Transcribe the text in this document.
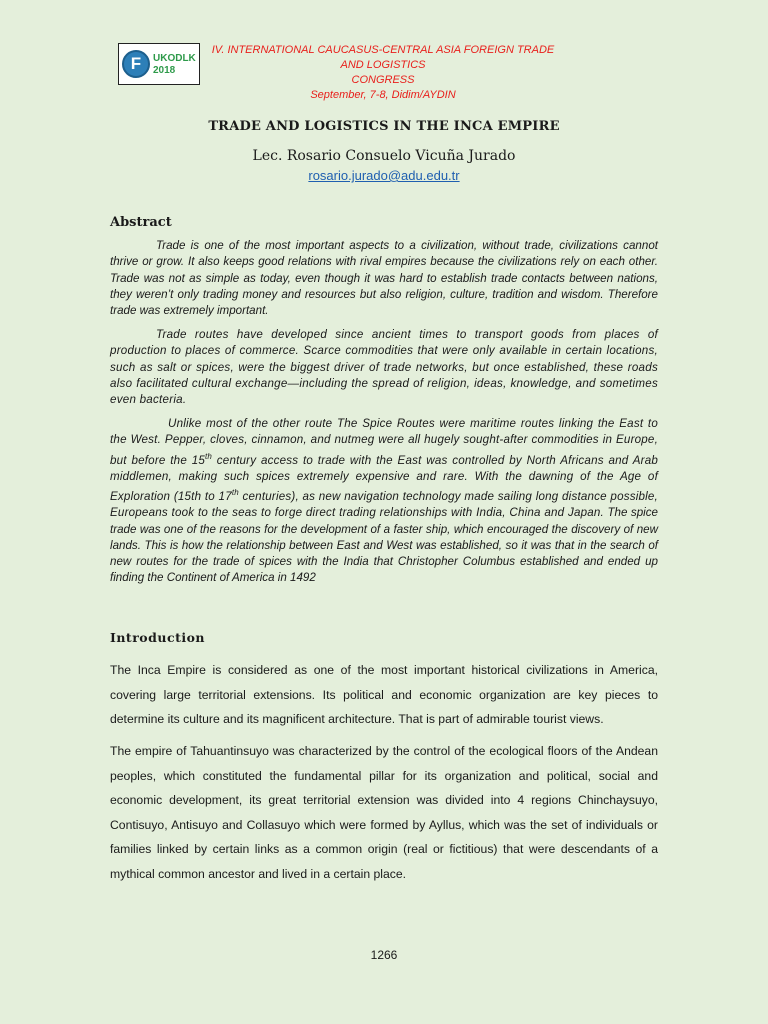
F	UKODLK
2018
IV. INTERNATIONAL CAUCASUS-CENTRAL ASIA FOREIGN TRADE AND LOGISTICS
CONGRESS
September, 7-8, Didim/AYDIN
TRADE AND LOGISTICS IN THE INCA EMPIRE
Lec. Rosario Consuelo Vicuña Jurado
rosario.jurado@adu.edu.tr
Abstract
Trade is one of the most important aspects to a civilization, without trade, civilizations cannot thrive or grow. It also keeps good relations with rival empires because the civilizations rely on each other. Trade was not as simple as today, even though it was hard to establish trade contacts between nations, they weren’t only trading money and resources but also religion, culture, tradition and wisdom. Therefore trade was extremely important.
Trade routes have developed since ancient times to transport goods from places of production to places of commerce. Scarce commodities that were only available in certain locations, such as salt or spices, were the biggest driver of trade networks, but once established, these roads also facilitated cultural exchange—including the spread of religion, ideas, knowledge, and sometimes even bacteria.
Unlike most of the other route The Spice Routes were maritime routes linking the East to the West. Pepper, cloves, cinnamon, and nutmeg were all hugely sought-after commodities in Europe, but before the 15th century access to trade with the East was controlled by North Africans and Arab middlemen, making such spices extremely expensive and rare. With the dawning of the Age of Exploration (15th to 17th centuries), as new navigation technology made sailing long distance possible, Europeans took to the seas to forge direct trading relationships with India, China and Japan. The spice trade was one of the reasons for the development of a faster ship, which encouraged the discovery of new lands. This is how the relationship between East and West was established, so it was that in the search of new routes for the trade of spices with the India that Christopher Columbus established and ended up finding the Continent of America in 1492
Introduction
The Inca Empire is considered as one of the most important historical civilizations in America, covering large territorial extensions. Its political and economic organization are key pieces to determine its culture and its magnificent architecture. That is part of admirable tourist views.
The empire of Tahuantinsuyo was characterized by the control of the ecological floors of the Andean peoples, which constituted the fundamental pillar for its organization and political, social and economic development, its great territorial extension was divided into 4 regions Chinchaysuyo, Contisuyo, Antisuyo and Collasuyo which were formed by Ayllus, which was the set of individuals or families linked by certain links as a common origin (real or fictitious) that were descendants of a mythical common ancestor and lived in a certain place.
1266
